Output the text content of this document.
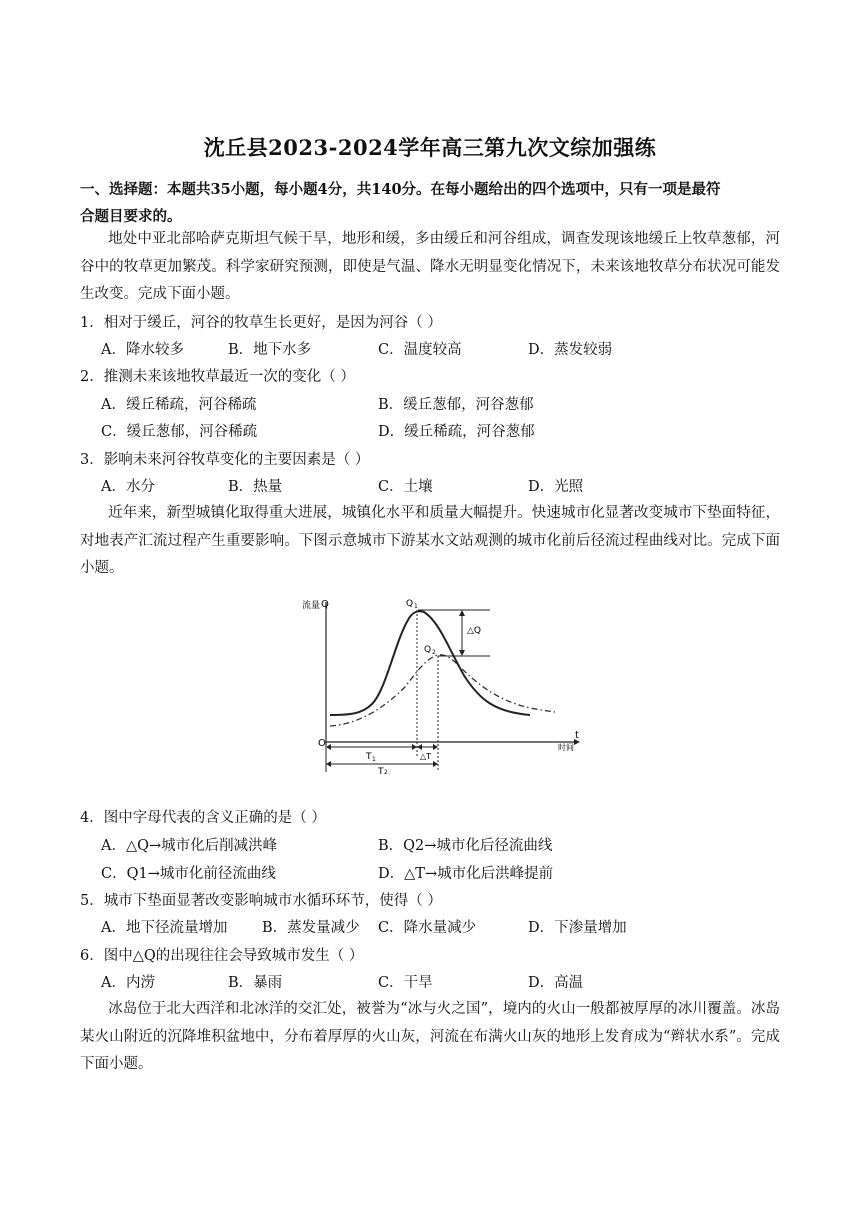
沈丘县2023-2024学年高三第九次文综加强练
一、选择题：本题共35小题，每小题4分，共140分。在每小题给出的四个选项中，只有一项是最符
合题目要求的。
地处中亚北部哈萨克斯坦气候干旱，地形和缓，多由缓丘和河谷组成，调查发现该地缓丘上牧草葱郁，河谷中的牧草更加繁茂。科学家研究预测，即使是气温、降水无明显变化情况下，未来该地牧草分布状况可能发生改变。完成下面小题。
1．相对于缓丘，河谷的牧草生长更好，是因为河谷（ ）
A．降水较多	B．地下水多	C．温度较高	D．蒸发较弱
2．推测未来该地牧草最近一次的变化（ ）
A．缓丘稀疏，河谷稀疏	B．缓丘葱郁，河谷葱郁
C．缓丘葱郁，河谷稀疏	D．缓丘稀疏，河谷葱郁
3．影响未来河谷牧草变化的主要因素是（ ）
A．水分	B．热量	C．土壤	D．光照
近年来，新型城镇化取得重大进展，城镇化水平和质量大幅提升。快速城市化显著改变城市下垫面特征，对地表产汇流过程产生重要影响。下图示意城市下游某水文站观测的城市化前后径流过程曲线对比。完成下面小题。
流量 Q
O
t
时间
△Q
Q 1
Q 2
T 1	△T
T 2
4．图中字母代表的含义正确的是（ ）
A．△Q→城市化后削减洪峰	B．Q2→城市化后径流曲线
C．Q1→城市化前径流曲线	D．△T→城市化后洪峰提前
5．城市下垫面显著改变影响城市水循环环节，使得（ ）
A．地下径流量增加 B．蒸发量减少 C．降水量减少	D．下渗量增加
6．图中△Q的出现往往会导致城市发生（ ）
A．内涝	B．暴雨	C．干旱	D．高温
冰岛位于北大西洋和北冰洋的交汇处，被誉为“冰与火之国”，境内的火山一般都被厚厚的冰川覆盖。冰岛某火山附近的沉降堆积盆地中，分布着厚厚的火山灰，河流在布满火山灰的地形上发育成为“辫状水系”。完成下面小题。
